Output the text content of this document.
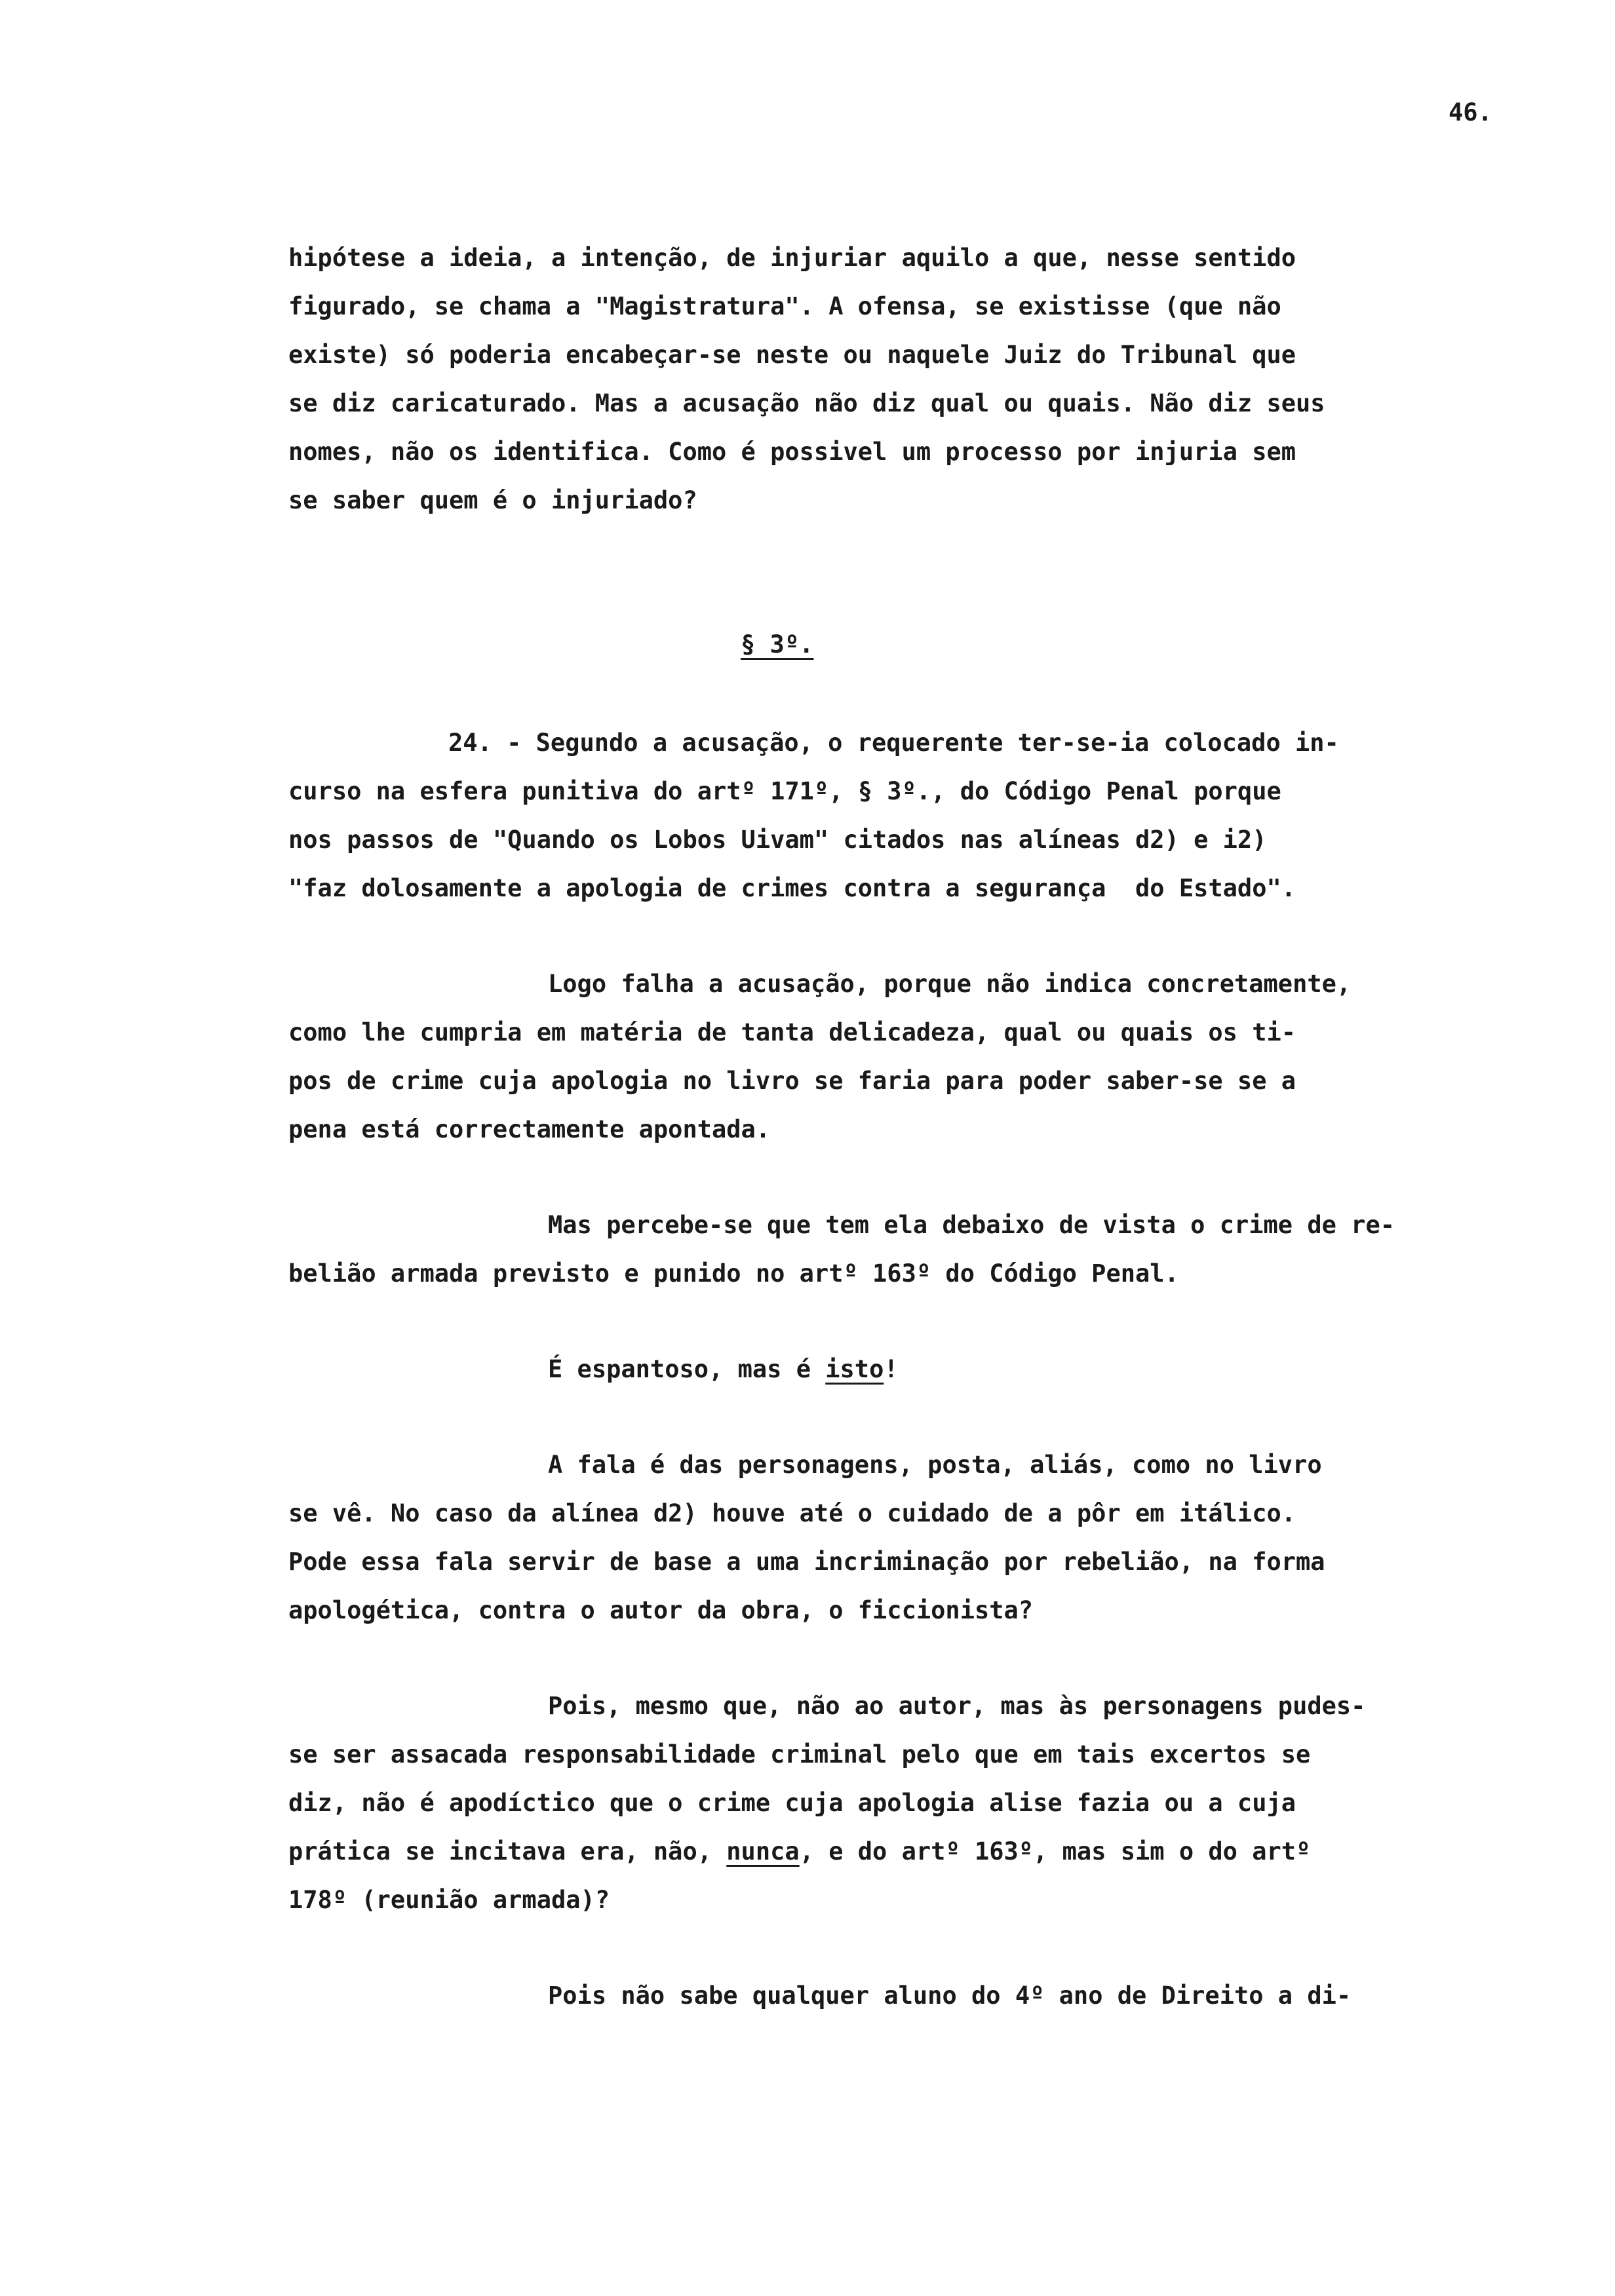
46.
hipótese a ideia, a intenção, de injuriar aquilo a que, nesse sentido
figurado, se chama a "Magistratura". A ofensa, se existisse (que não
existe) só poderia encabeçar-se neste ou naquele Juiz do Tribunal que
se diz caricaturado. Mas a acusação não diz qual ou quais. Não diz seus
nomes, não os identifica. Como é possivel um processo por injuria sem
se saber quem é o injuriado?
§ 3º.
24. - Segundo a acusação, o requerente ter-se-ia colocado in-
curso na esfera punitiva do artº 171º, § 3º., do Código Penal porque
nos passos de "Quando os Lobos Uivam" citados nas alíneas d2) e i2)
"faz dolosamente a apologia de crimes contra a segurança  do Estado".
Logo falha a acusação, porque não indica concretamente,
como lhe cumpria em matéria de tanta delicadeza, qual ou quais os ti-
pos de crime cuja apologia no livro se faria para poder saber-se se a
pena está correctamente apontada.
Mas percebe-se que tem ela debaixo de vista o crime de re-
belião armada previsto e punido no artº 163º do Código Penal.
É espantoso, mas é isto!
A fala é das personagens, posta, aliás, como no livro
se vê. No caso da alínea d2) houve até o cuidado de a pôr em itálico.
Pode essa fala servir de base a uma incriminação por rebelião, na forma
apologética, contra o autor da obra, o ficcionista?
Pois, mesmo que, não ao autor, mas às personagens pudes-
se ser assacada responsabilidade criminal pelo que em tais excertos se
diz, não é apodíctico que o crime cuja apologia alise fazia ou a cuja
prática se incitava era, não, nunca, e do artº 163º, mas sim o do artº
178º (reunião armada)?
Pois não sabe qualquer aluno do 4º ano de Direito a di-
